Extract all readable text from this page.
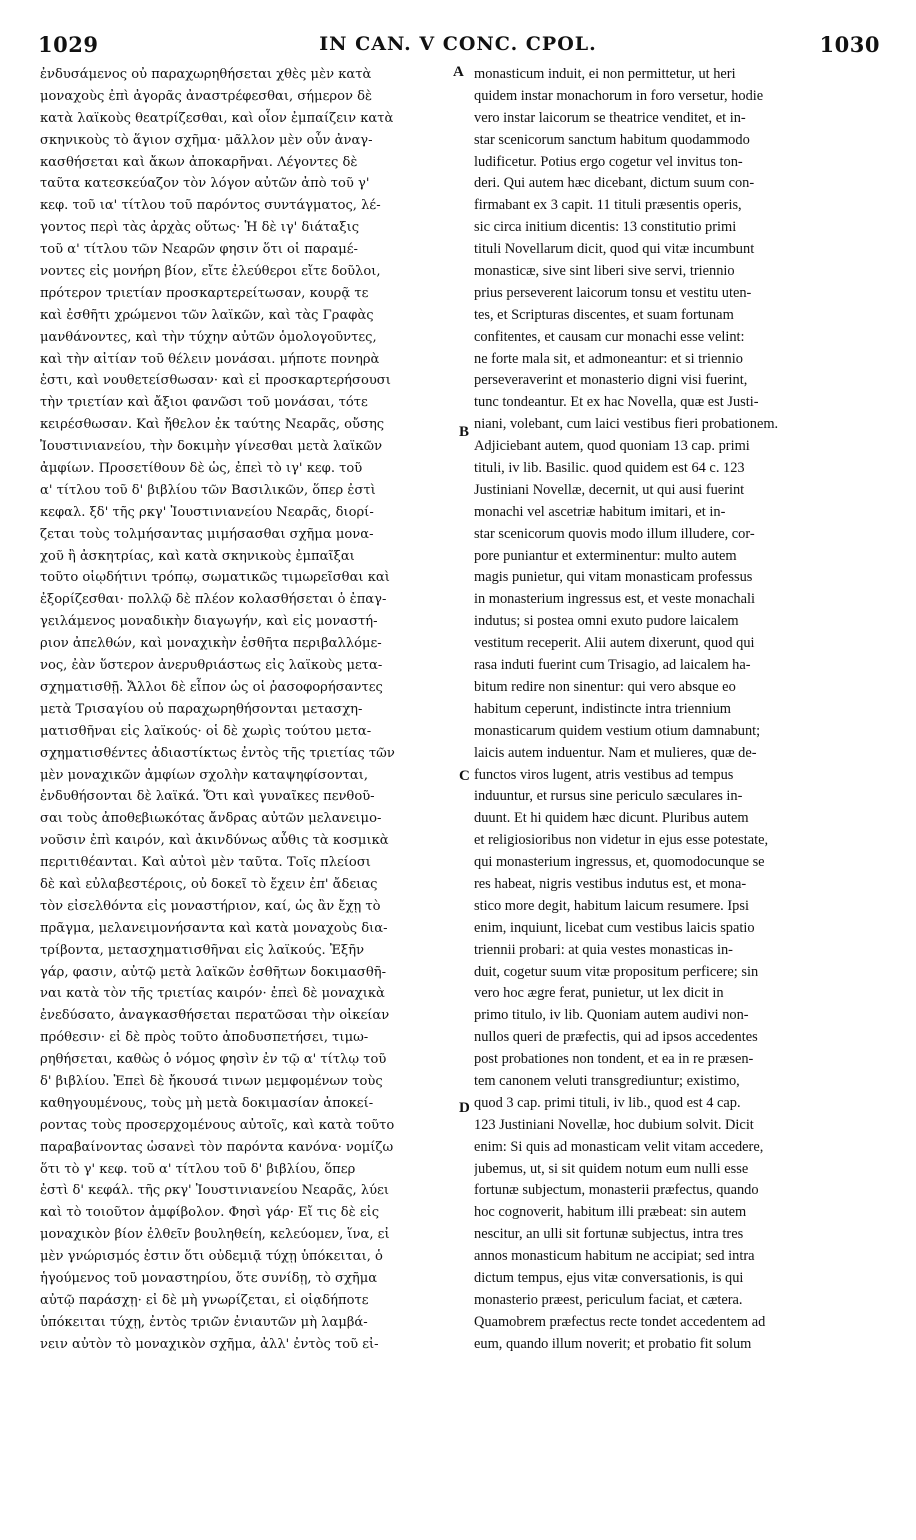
1029	IN CAN. V CONC. CPOL.	1030
ἐνδυσάμενος οὐ παραχωρηθήσεται χθὲς μὲν κατὰ
μοναχοὺς ἐπὶ ἀγορᾶς ἀναστρέφεσθαι, σήμερον δὲ
κατὰ λαϊκοὺς θεατρίζεσθαι, καὶ οἷον ἐμπαίζειν κατὰ
σκηνικοὺς τὸ ἅγιον σχῆμα· μᾶλλον μὲν οὖν ἀναγ-
κασθήσεται καὶ ἄκων ἀποκαρῆναι. Λέγοντες δὲ
ταῦτα κατεσκεύαζον τὸν λόγον αὐτῶν ἀπὸ τοῦ γ'
κεφ. τοῦ ια' τίτλου τοῦ παρόντος συντάγματος, λέ-
γοντος περὶ τὰς ἀρχὰς οὕτως· Ἡ δὲ ιγ' διάταξις
τοῦ α' τίτλου τῶν Νεαρῶν φησιν ὅτι οἱ παραμέ-
νοντες εἰς μονήρη βίον, εἴτε ἐλεύθεροι εἴτε δοῦλοι,
πρότερον τριετίαν προσκαρτερείτωσαν, κουρᾷ τε
καὶ ἐσθῆτι χρώμενοι τῶν λαϊκῶν, καὶ τὰς Γραφὰς
μανθάνοντες, καὶ τὴν τύχην αὐτῶν ὁμολογοῦντες,
καὶ τὴν αἰτίαν τοῦ θέλειν μονάσαι. μήποτε πονηρὰ
ἐστι, καὶ νουθετείσθωσαν· καὶ εἰ προσκαρτερήσουσι
τὴν τριετίαν καὶ ἄξιοι φανῶσι τοῦ μονάσαι, τότε
κειρέσθωσαν. Καὶ ἤθελον ἐκ ταύτης Νεαρᾶς, οὔσης
Ἰουστινιανείου, τὴν δοκιμὴν γίνεσθαι μετὰ λαϊκῶν
ἀμφίων. Προσετίθουν δὲ ὡς, ἐπεὶ τὸ ιγ' κεφ. τοῦ
α' τίτλου τοῦ δ' βιβλίου τῶν Βασιλικῶν, ὅπερ ἐστὶ
κεφαλ. ξδ' τῆς ρκγ' Ἰουστινιανείου Νεαρᾶς, διορί-
ζεται τοὺς τολμήσαντας μιμήσασθαι σχῆμα μονα-
χοῦ ἢ ἀσκητρίας, καὶ κατὰ σκηνικοὺς ἐμπαῖξαι
τοῦτο οἱῳδήτινι τρόπῳ, σωματικῶς τιμωρεῖσθαι καὶ
ἐξορίζεσθαι· πολλῷ δὲ πλέον κολασθήσεται ὁ ἐπαγ-
γειλάμενος μοναδικὴν διαγωγήν, καὶ εἰς μοναστή-
ριον ἀπελθών, καὶ μοναχικὴν ἐσθῆτα περιβαλλόμε-
νος, ἐὰν ὕστερον ἀνερυθριάστως εἰς λαϊκοὺς μετα-
σχηματισθῇ. Ἄλλοι δὲ εἶπον ὡς οἱ ῥασοφορήσαντες
μετὰ Τρισαγίου οὐ παραχωρηθήσονται μετασχη-
ματισθῆναι εἰς λαϊκούς· οἱ δὲ χωρὶς τούτου μετα-
σχηματισθέντες ἀδιαστίκτως ἐντὸς τῆς τριετίας τῶν
μὲν μοναχικῶν ἀμφίων σχολὴν καταψηφίσονται,
ἐνδυθήσονται δὲ λαϊκά. Ὅτι καὶ γυναῖκες πενθοῦ-
σαι τοὺς ἀποθεβιωκότας ἄνδρας αὐτῶν μελανειμο-
νοῦσιν ἐπὶ καιρόν, καὶ ἀκινδύνως αὖθις τὰ κοσμικὰ
περιτιθέανται. Καὶ αὐτοὶ μὲν ταῦτα. Τοῖς πλείοσι
δὲ καὶ εὐλαβεστέροις, οὐ δοκεῖ τὸ ἔχειν ἐπ' ἄδειας
τὸν εἰσελθόντα εἰς μοναστήριον, καί, ὡς ἂν ἔχῃ τὸ
πρᾶγμα, μελανειμονήσαντα καὶ κατὰ μοναχοὺς δια-
τρίβοντα, μετασχηματισθῆναι εἰς λαϊκούς. Ἐξῆν
γάρ, φασιν, αὐτῷ μετὰ λαϊκῶν ἐσθῆτων δοκιμασθῆ-
ναι κατὰ τὸν τῆς τριετίας καιρόν· ἐπεὶ δὲ μοναχικὰ
ἐνεδύσατο, ἀναγκασθήσεται περατῶσαι τὴν οἰκείαν
πρόθεσιν· εἰ δὲ πρὸς τοῦτο ἀποδυσπετήσει, τιμω-
ρηθήσεται, καθὼς ὁ νόμος φησὶν ἐν τῷ α' τίτλῳ τοῦ
δ' βιβλίου. Ἐπεὶ δὲ ἤκουσά τινων μεμφομένων τοὺς
καθηγουμένους, τοὺς μὴ μετὰ δοκιμασίαν ἀποκεί-
ροντας τοὺς προσερχομένους αὐτοῖς, καὶ κατὰ τοῦτο
παραβαίνοντας ὡσανεὶ τὸν παρόντα κανόνα· νομίζω
ὅτι τὸ γ' κεφ. τοῦ α' τίτλου τοῦ δ' βιβλίου, ὅπερ
ἐστὶ δ' κεφάλ. τῆς ρκγ' Ἰουστινιανείου Νεαρᾶς, λύει
καὶ τὸ τοιοῦτον ἀμφίβολον. Φησὶ γάρ· Εἴ τις δὲ εἰς
μοναχικὸν βίον ἐλθεῖν βουληθείη, κελεύομεν, ἵνα, εἰ
μὲν γνώρισμός ἐστιν ὅτι οὐδεμιᾷ τύχῃ ὑπόκειται, ὁ
ἡγούμενος τοῦ μοναστηρίου, ὅτε συνίδῃ, τὸ σχῆμα
αὐτῷ παράσχῃ· εἰ δὲ μὴ γνωρίζεται, εἰ οἱᾳδήποτε
ὑπόκειται τύχῃ, ἐντὸς τριῶν ἐνιαυτῶν μὴ λαμβά-
νειν αὐτὸν τὸ μοναχικὸν σχῆμα, ἀλλ' ἐντὸς τοῦ εἰ-
monasticum induit, ei non permittetur, ut heri
quidem instar monachorum in foro versetur, hodie
vero instar laicorum se theatrice venditet, et in-
star scenicorum sanctum habitum quodammodo
ludificetur. Potius ergo cogetur vel invitus ton-
deri. Qui autem hæc dicebant, dictum suum con-
firmabant ex 3 capit. 11 tituli præsentis operis,
sic circa initium dicentis: 13 constitutio primi
tituli Novellarum dicit, quod qui vitæ incumbunt
monasticæ, sive sint liberi sive servi, triennio
prius perseverent laicorum tonsu et vestitu uten-
tes, et Scripturas discentes, et suam fortunam
confitentes, et causam cur monachi esse velint:
ne forte mala sit, et admoneantur: et si triennio
perseveraverint et monasterio digni visi fuerint,
tunc tondeantur. Et ex hac Novella, quæ est Justi-
niani, volebant, cum laici vestibus fieri probationem.
Adjiciebant autem, quod quoniam 13 cap. primi
tituli, iv lib. Basilic. quod quidem est 64 c. 123
Justiniani Novellæ, decernit, ut qui ausi fuerint
monachi vel ascetriæ habitum imitari, et in-
star scenicorum quovis modo illum illudere, cor-
pore puniantur et exterminentur: multo autem
magis punietur, qui vitam monasticam professus
in monasterium ingressus est, et veste monachali
indutus; si postea omni exuto pudore laicalem
vestitum receperit. Alii autem dixerunt, quod qui
rasa induti fuerint cum Trisagio, ad laicalem ha-
bitum redire non sinentur: qui vero absque eo
habitum ceperunt, indistincte intra triennium
monasticarum quidem vestium otium damnabunt;
laicis autem induentur. Nam et mulieres, quæ de-
functos viros lugent, atris vestibus ad tempus
induuntur, et rursus sine periculo sæculares in-
duunt. Et hi quidem hæc dicunt. Pluribus autem
et religiosioribus non videtur in ejus esse potestate,
qui monasterium ingressus, et, quomodocunque se
res habeat, nigris vestibus indutus est, et mona-
stico more degit, habitum laicum resumere. Ipsi
enim, inquiunt, licebat cum vestibus laicis spatio
triennii probari: at quia vestes monasticas in-
duit, cogetur suum vitæ propositum perficere; sin
vero hoc ægre ferat, punietur, ut lex dicit in
primo titulo, iv lib. Quoniam autem audivi non-
nullos queri de præfectis, qui ad ipsos accedentes
post probationes non tondent, et ea in re præsen-
tem canonem veluti transgrediuntur; existimo,
quod 3 cap. primi tituli, iv lib., quod est 4 cap.
123 Justiniani Novellæ, hoc dubium solvit. Dicit
enim: Si quis ad monasticam velit vitam accedere,
jubemus, ut, si sit quidem notum eum nulli esse
fortunæ subjectum, monasterii præfectus, quando
hoc cognoverit, habitum illi præbeat: sin autem
nescitur, an ulli sit fortunæ subjectus, intra tres
annos monasticum habitum ne accipiat; sed intra
dictum tempus, ejus vitæ conversationis, is qui
monasterio præest, periculum faciat, et cætera.
Quamobrem præfectus recte tondet accedentem ad
eum, quando illum noverit; et probatio fit solum
A
B
C
D
